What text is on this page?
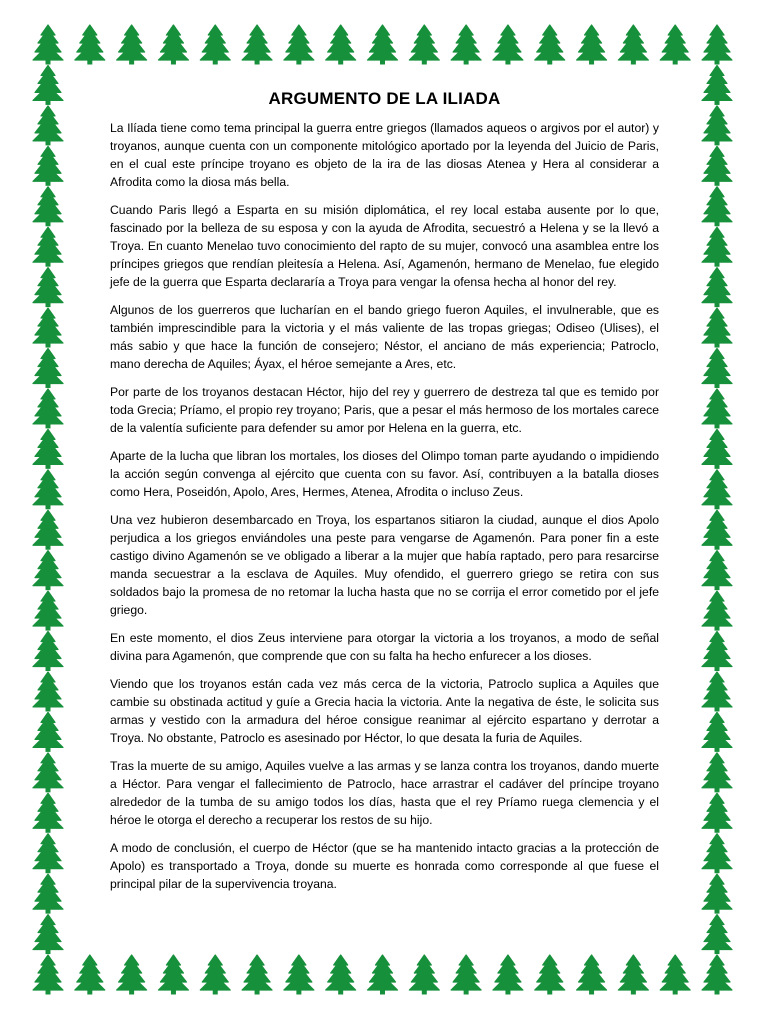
ARGUMENTO DE LA ILIADA

La Ilíada tiene como tema principal la guerra entre griegos (llamados aqueos o argivos por el autor) y troyanos, aunque cuenta con un componente mitológico aportado por la leyenda del Juicio de Paris, en el cual este príncipe troyano es objeto de la ira de las diosas Atenea y Hera al considerar a Afrodita como la diosa más bella.

Cuando Paris llegó a Esparta en su misión diplomática, el rey local estaba ausente por lo que, fascinado por la belleza de su esposa y con la ayuda de Afrodita, secuestró a Helena y se la llevó a Troya. En cuanto Menelao tuvo conocimiento del rapto de su mujer, convocó una asamblea entre los príncipes griegos que rendían pleitesía a Helena. Así, Agamenón, hermano de Menelao, fue elegido jefe de la guerra que Esparta declararía a Troya para vengar la ofensa hecha al honor del rey.

Algunos de los guerreros que lucharían en el bando griego fueron Aquiles, el invulnerable, que es también imprescindible para la victoria y el más valiente de las tropas griegas; Odiseo (Ulises), el más sabio y que hace la función de consejero; Néstor, el anciano de más experiencia; Patroclo, mano derecha de Aquiles; Áyax, el héroe semejante a Ares, etc.

Por parte de los troyanos destacan Héctor, hijo del rey y guerrero de destreza tal que es temido por toda Grecia; Príamo, el propio rey troyano; Paris, que a pesar el más hermoso de los mortales carece de la valentía suficiente para defender su amor por Helena en la guerra, etc.

Aparte de la lucha que libran los mortales, los dioses del Olimpo toman parte ayudando o impidiendo la acción según convenga al ejército que cuenta con su favor. Así, contribuyen a la batalla dioses como Hera, Poseidón, Apolo, Ares, Hermes, Atenea, Afrodita o incluso Zeus.

Una vez hubieron desembarcado en Troya, los espartanos sitiaron la ciudad, aunque el dios Apolo perjudica a los griegos enviándoles una peste para vengarse de Agamenón. Para poner fin a este castigo divino Agamenón se ve obligado a liberar a la mujer que había raptado, pero para resarcirse manda secuestrar a la esclava de Aquiles. Muy ofendido, el guerrero griego se retira con sus soldados bajo la promesa de no retomar la lucha hasta que no se corrija el error cometido por el jefe griego.

En este momento, el dios Zeus interviene para otorgar la victoria a los troyanos, a modo de señal divina para Agamenón, que comprende que con su falta ha hecho enfurecer a los dioses.

Viendo que los troyanos están cada vez más cerca de la victoria, Patroclo suplica a Aquiles que cambie su obstinada actitud y guíe a Grecia hacia la victoria. Ante la negativa de éste, le solicita sus armas y vestido con la armadura del héroe consigue reanimar al ejército espartano y derrotar a Troya. No obstante, Patroclo es asesinado por Héctor, lo que desata la furia de Aquiles.

Tras la muerte de su amigo, Aquiles vuelve a las armas y se lanza contra los troyanos, dando muerte a Héctor. Para vengar el fallecimiento de Patroclo, hace arrastrar el cadáver del príncipe troyano alrededor de la tumba de su amigo todos los días, hasta que el rey Príamo ruega clemencia y el héroe le otorga el derecho a recuperar los restos de su hijo.

A modo de conclusión, el cuerpo de Héctor (que se ha mantenido intacto gracias a la protección de Apolo) es transportado a Troya, donde su muerte es honrada como corresponde al que fuese el principal pilar de la supervivencia troyana.
